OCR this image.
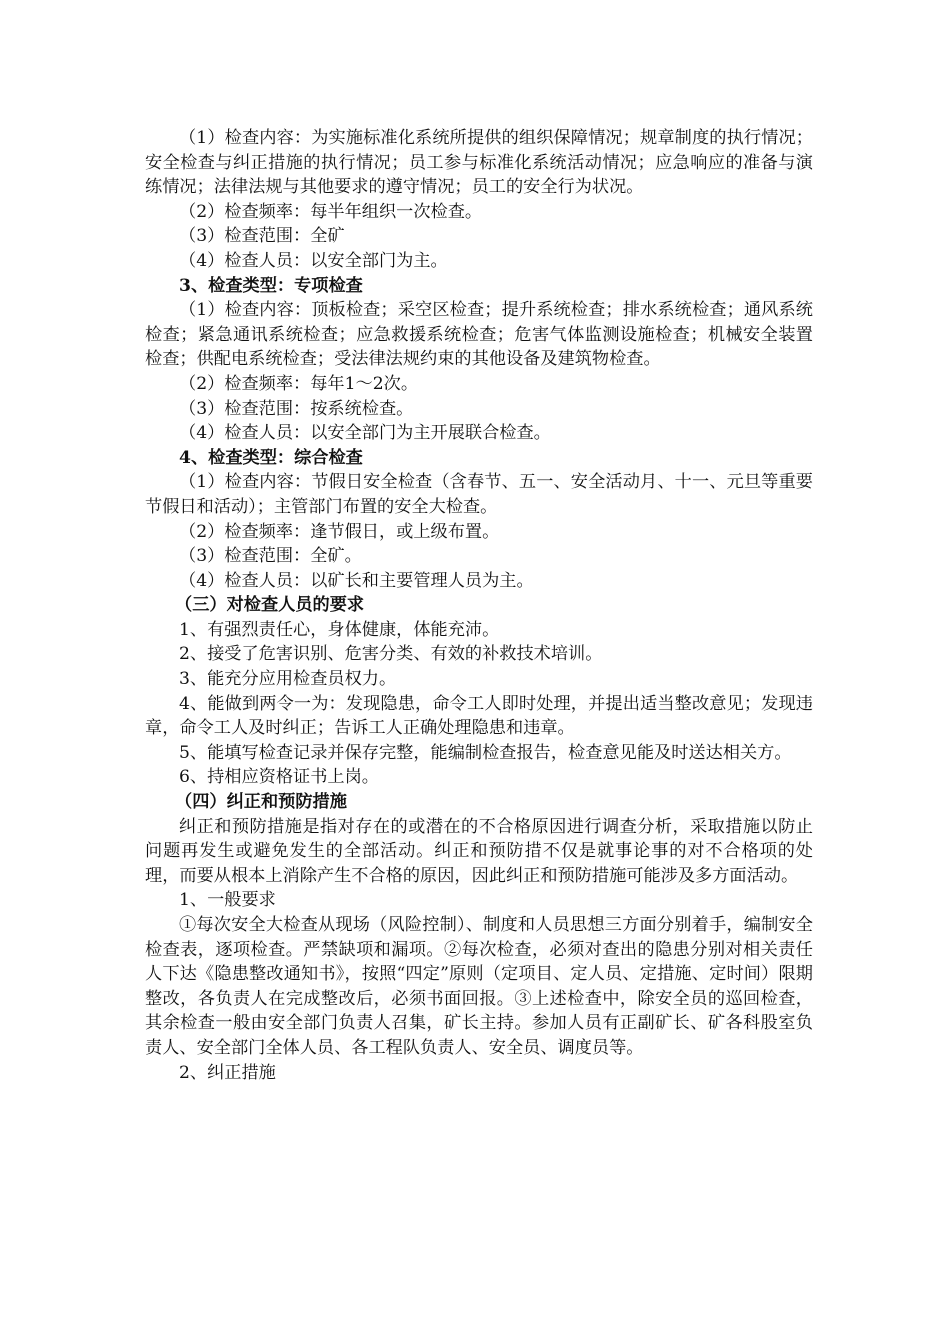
（1）检查内容：为实施标准化系统所提供的组织保障情况；规章制度的执行情况；安全检查与纠正措施的执行情况；员工参与标准化系统活动情况；应急响应的准备与演练情况；法律法规与其他要求的遵守情况；员工的安全行为状况。

（2）检查频率：每半年组织一次检查。

（3）检查范围：全矿

（4）检查人员：以安全部门为主。

3、检查类型：专项检查

（1）检查内容：顶板检查；采空区检查；提升系统检查；排水系统检查；通风系统检查；紧急通讯系统检查；应急救援系统检查；危害气体监测设施检查；机械安全装置检查；供配电系统检查；受法律法规约束的其他设备及建筑物检查。

（2）检查频率：每年1～2次。

（3）检查范围：按系统检查。

（4）检查人员：以安全部门为主开展联合检查。

4、检查类型：综合检查

（1）检查内容：节假日安全检查（含春节、五一、安全活动月、十一、元旦等重要节假日和活动）；主管部门布置的安全大检查。

（2）检查频率：逢节假日，或上级布置。

（3）检查范围：全矿。

（4）检查人员：以矿长和主要管理人员为主。

（三）对检查人员的要求

1、有强烈责任心，身体健康，体能充沛。

2、接受了危害识别、危害分类、有效的补救技术培训。

3、能充分应用检查员权力。

4、能做到两令一为：发现隐患，命令工人即时处理，并提出适当整改意见；发现违章，命令工人及时纠正；告诉工人正确处理隐患和违章。

5、能填写检查记录并保存完整，能编制检查报告，检查意见能及时送达相关方。

6、持相应资格证书上岗。

（四）纠正和预防措施

纠正和预防措施是指对存在的或潜在的不合格原因进行调查分析，采取措施以防止问题再发生或避免发生的全部活动。纠正和预防措不仅是就事论事的对不合格项的处理，而要从根本上消除产生不合格的原因，因此纠正和预防措施可能涉及多方面活动。

1、一般要求

①每次安全大检查从现场（风险控制）、制度和人员思想三方面分别着手，编制安全检查表，逐项检查。严禁缺项和漏项。②每次检查，必须对查出的隐患分别对相关责任人下达《隐患整改通知书》，按照“四定”原则（定项目、定人员、定措施、定时间）限期整改，各负责人在完成整改后，必须书面回报。③上述检查中，除安全员的巡回检查，其余检查一般由安全部门负责人召集，矿长主持。参加人员有正副矿长、矿各科股室负责人、安全部门全体人员、各工程队负责人、安全员、调度员等。

2、纠正措施
